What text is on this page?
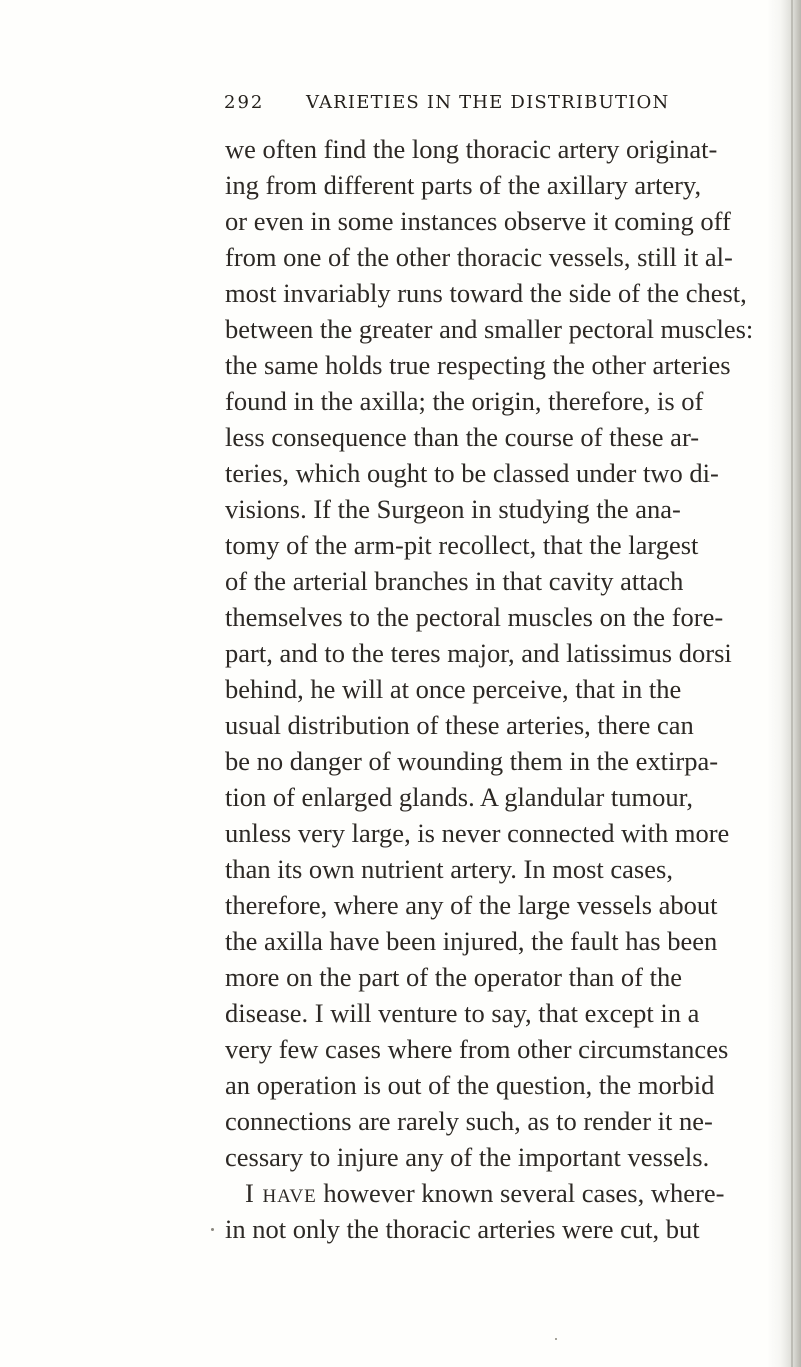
292 VARIETIES IN THE DISTRIBUTION
we often find the long thoracic artery originat-
ing from different parts of the axillary artery,
or even in some instances observe it coming off
from one of the other thoracic vessels, still it al-
most invariably runs toward the side of the chest,
between the greater and smaller pectoral muscles:
the same holds true respecting the other arteries
found in the axilla; the origin, therefore, is of
less consequence than the course of these ar-
teries, which ought to be classed under two di-
visions. If the Surgeon in studying the ana-
tomy of the arm-pit recollect, that the largest
of the arterial branches in that cavity attach
themselves to the pectoral muscles on the fore-
part, and to the teres major, and latissimus dorsi
behind, he will at once perceive, that in the
usual distribution of these arteries, there can
be no danger of wounding them in the extirpa-
tion of enlarged glands. A glandular tumour,
unless very large, is never connected with more
than its own nutrient artery. In most cases,
therefore, where any of the large vessels about
the axilla have been injured, the fault has been
more on the part of the operator than of the
disease. I will venture to say, that except in a
very few cases where from other circumstances
an operation is out of the question, the morbid
connections are rarely such, as to render it ne-
cessary to injure any of the important vessels.
I have however known several cases, where-
in not only the thoracic arteries were cut, but
